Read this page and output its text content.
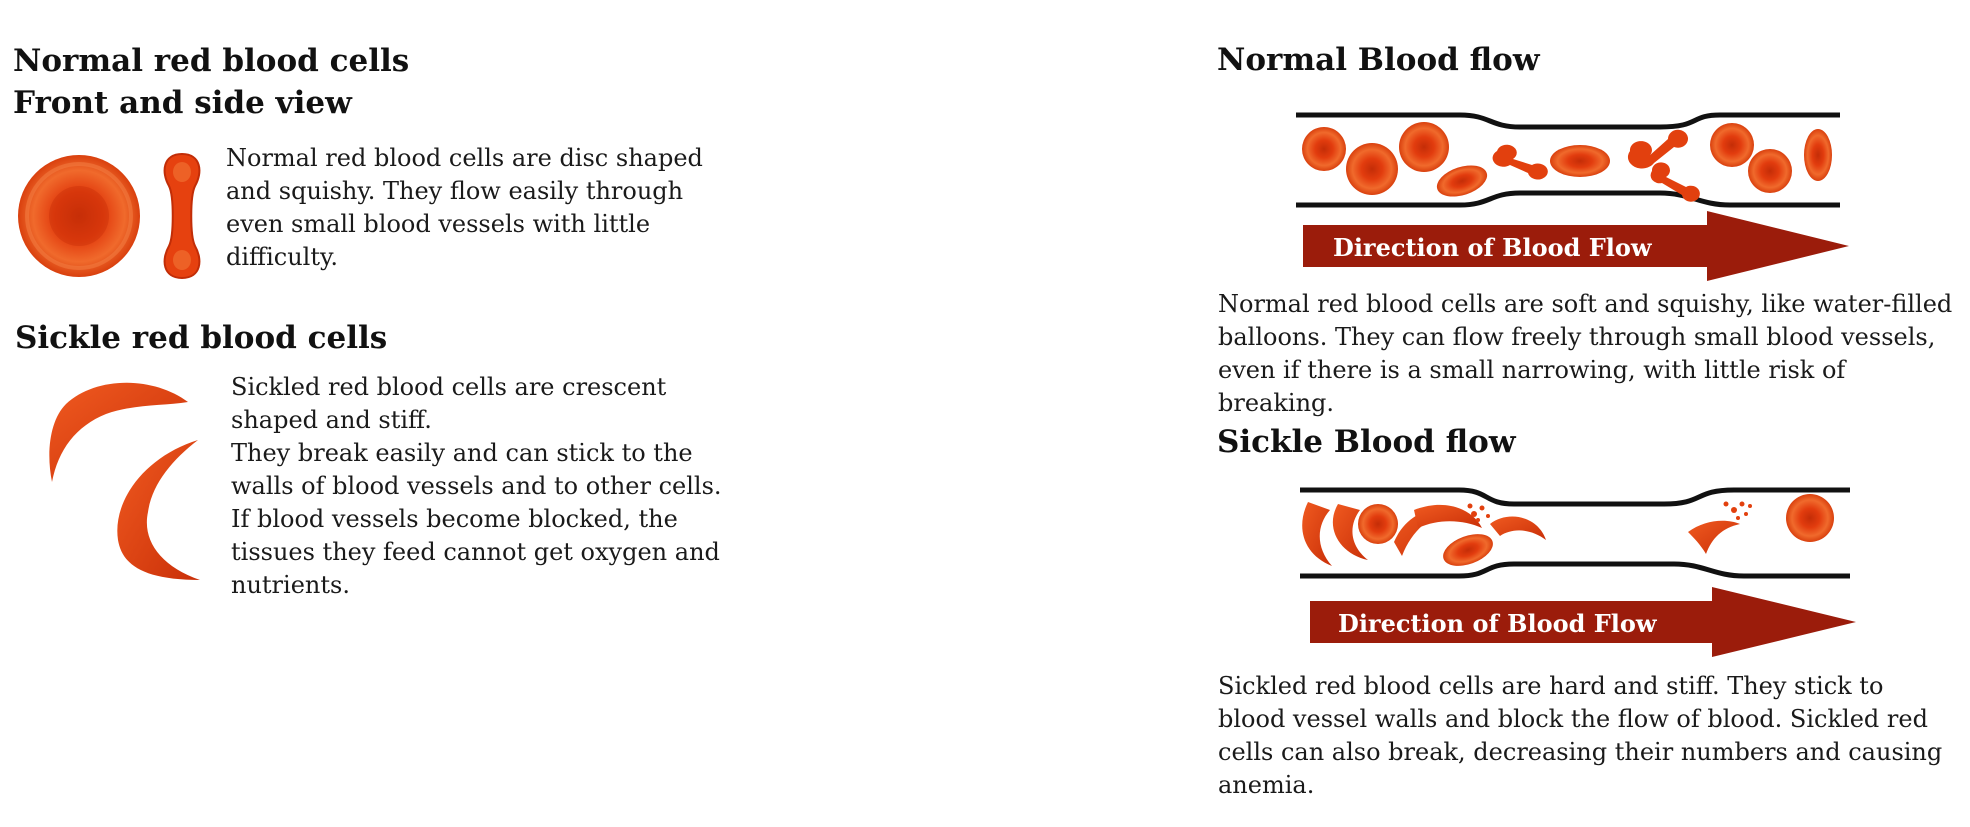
Normal red blood cells

Front and side view

Normal red blood cells are disc shaped and squishy. They flow easily through even small blood vessels with little difficulty.

Sickle red blood cells

Sickled red blood cells are crescent shaped and stiff.

They break easily and can stick to the walls of blood vessels and to other cells. If blood vessels become blocked, the tissues they feed cannot get oxygen and nutrients.

Normal Blood flow

Direction of Blood Flow

Normal red blood cells are soft and squishy, like water-filled balloons. They can flow freely through small blood vessels, even if there is a small narrowing, with little risk of breaking.

Sickle Blood flow

Direction of Blood Flow

Sickled red blood cells are hard and stiff. They stick to blood vessel walls and block the flow of blood. Sickled red cells can also break, decreasing their numbers and causing anemia.
